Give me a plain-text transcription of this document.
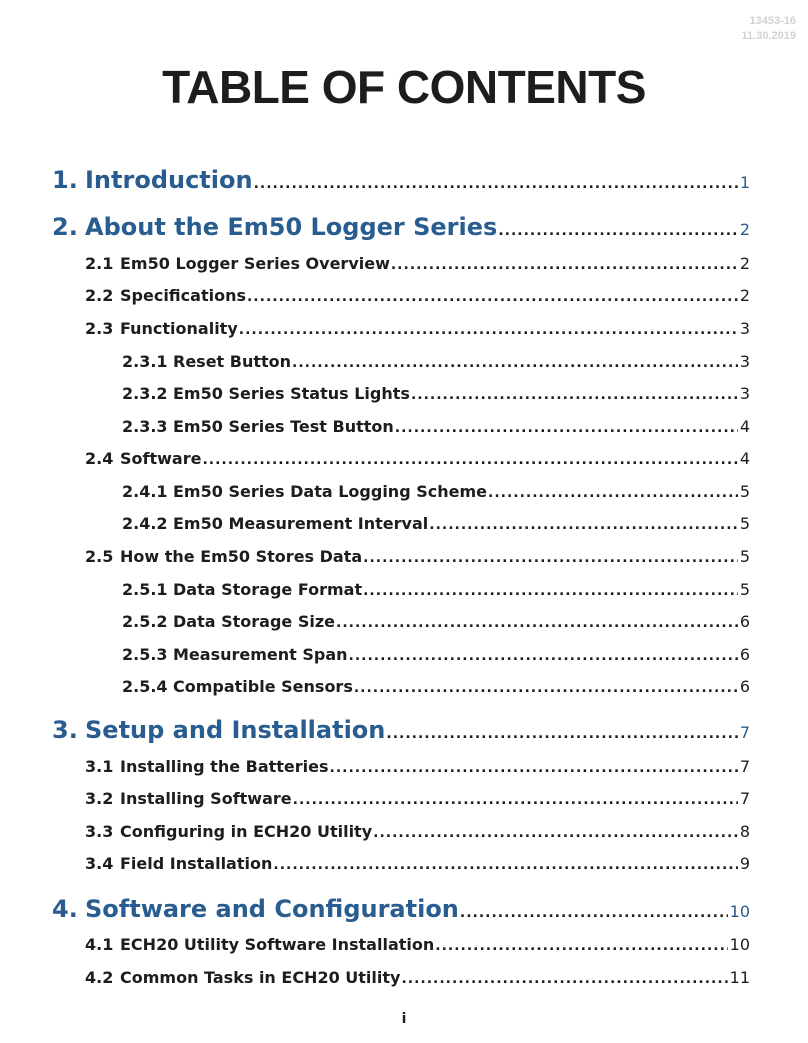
13453-16
11.30.2019
TABLE OF CONTENTS
1. Introduction .....	1
2. About the Em50 Logger Series .....	2
2.1 Em50 Logger Series Overview .....	2
2.2 Specifications .....	2
2.3 Functionality .....	3
2.3.1 Reset Button .....	3
2.3.2 Em50 Series Status Lights .....	3
2.3.3 Em50 Series Test Button .....	4
2.4 Software .....	4
2.4.1 Em50 Series Data Logging Scheme .....	5
2.4.2 Em50 Measurement Interval .....	5
2.5 How the Em50 Stores Data .....	5
2.5.1 Data Storage Format .....	5
2.5.2 Data Storage Size .....	6
2.5.3 Measurement Span .....	6
2.5.4 Compatible Sensors .....	6
3. Setup and Installation .....	7
3.1 Installing the Batteries .....	7
3.2 Installing Software .....	7
3.3 Configuring in ECH20 Utility .....	8
3.4 Field Installation .....	9
4. Software and Configuration .....	10
4.1 ECH20 Utility Software Installation .....	10
4.2 Common Tasks in ECH20 Utility .....	11
i
